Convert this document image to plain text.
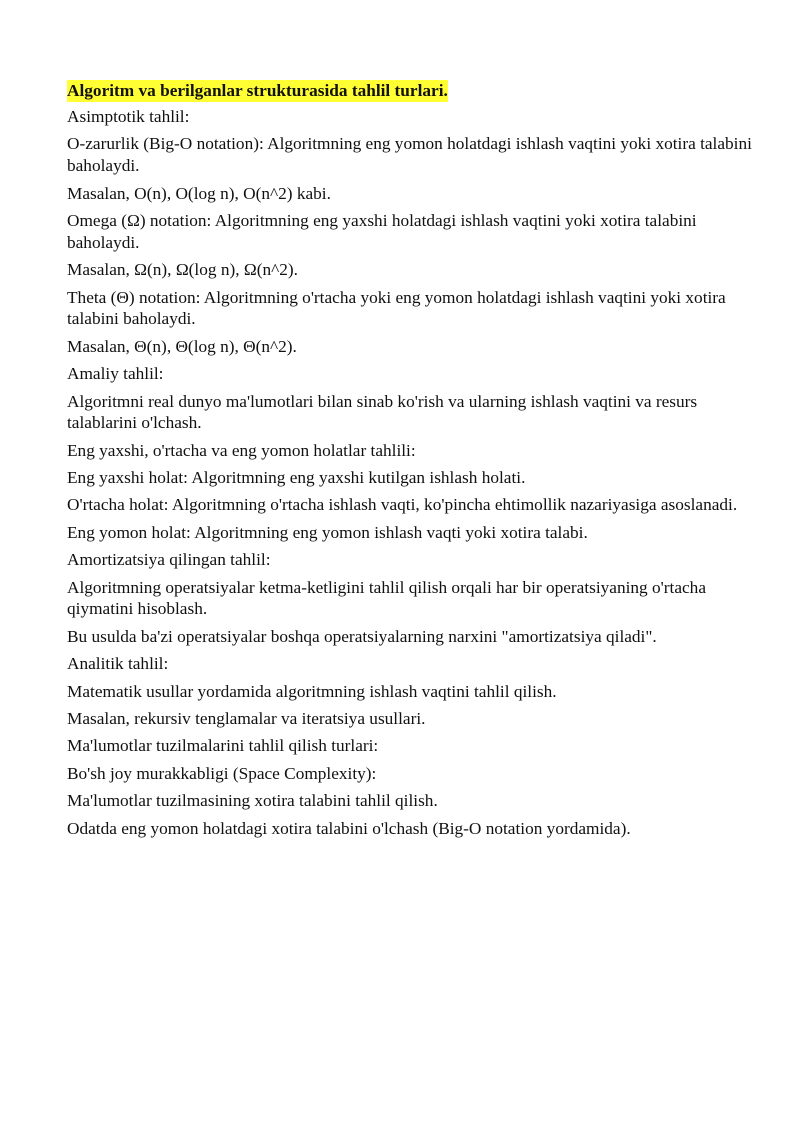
Algoritm va berilganlar strukturasida tahlil turlari.
Asimptotik tahlil:
O-zarurlik (Big-O notation): Algoritmning eng yomon holatdagi ishlash vaqtini yoki xotira talabini baholaydi.
Masalan, O(n), O(log n), O(n^2) kabi.
Omega (Ω) notation: Algoritmning eng yaxshi holatdagi ishlash vaqtini yoki xotira talabini baholaydi.
Masalan, Ω(n), Ω(log n), Ω(n^2).
Theta (Θ) notation: Algoritmning o'rtacha yoki eng yomon holatdagi ishlash vaqtini yoki xotira talabini baholaydi.
Masalan, Θ(n), Θ(log n), Θ(n^2).
Amaliy tahlil:
Algoritmni real dunyo ma'lumotlari bilan sinab ko'rish va ularning ishlash vaqtini va resurs talablarini o'lchash.
Eng yaxshi, o'rtacha va eng yomon holatlar tahlili:
Eng yaxshi holat: Algoritmning eng yaxshi kutilgan ishlash holati.
O'rtacha holat: Algoritmning o'rtacha ishlash vaqti, ko'pincha ehtimollik nazariyasiga asoslanadi.
Eng yomon holat: Algoritmning eng yomon ishlash vaqti yoki xotira talabi.
Amortizatsiya qilingan tahlil:
Algoritmning operatsiyalar ketma-ketligini tahlil qilish orqali har bir operatsiyaning o'rtacha qiymatini hisoblash.
Bu usulda ba'zi operatsiyalar boshqa operatsiyalarning narxini "amortizatsiya qiladi".
Analitik tahlil:
Matematik usullar yordamida algoritmning ishlash vaqtini tahlil qilish.
Masalan, rekursiv tenglamalar va iteratsiya usullari.
Ma'lumotlar tuzilmalarini tahlil qilish turlari:
Bo'sh joy murakkabligi (Space Complexity):
Ma'lumotlar tuzilmasining xotira talabini tahlil qilish.
Odatda eng yomon holatdagi xotira talabini o'lchash (Big-O notation yordamida).
